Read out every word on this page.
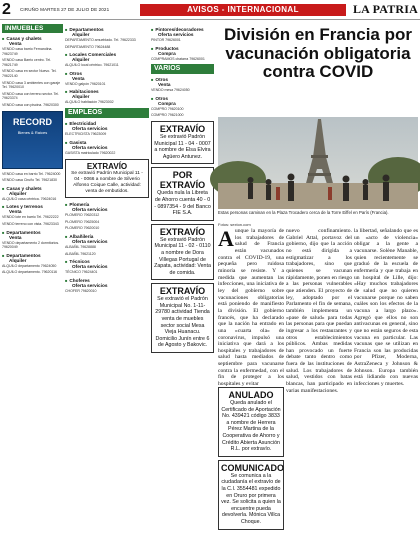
2 CIRUÑO MARTES 27 DE JULIO DE 2021	AVISOS - INTERNACIONAL	LA PATRIA
INMUEBLES
■ Casas y chalets
Venta
VENDO casa barrio Fernandina. 79623749
VENDO casa Barrio centro. Tel. 79621749
VENDO casa en sector Nuevo. Tel. 79622140
VENDO casa 3 ambientes con garaje Tel. 79620010
VENDO casa con terreno sector. Tel. 79623374
VENDO casa con piscina. 79620300
RECORD
Bienes & Raíces
VENDO casa en barrio Tel. 79624000
VENDO casa Ciruño Tel. 79621830
■ Casas y chalets
Alquiler
ALQUILO casa céntrica. 79624016
■ Lotes y terrenos
Venta
VENDO lote en barrio Tel. 79622222
VENDO terreno con vista. 79623343
■ Departamentos
Venta
VENDO departamento 2 dormitorios. 79620049
■ Departamentos
Alquiler
ALQUILO departamento 79624050
ALQUILO departamento. 79620116
■ Departamentos
Alquiler
DEPARTAMENTO amueblado. Tel. 79622333
DEPARTAMENTO 79624488
■ Locales Comerciales
Alquiler
ALQUILO local céntrico. 79621011
■ Otros
Venta
VENDO galpón 79620101
■ Habitaciones
Alquiler
ALQUILO habitación 79623002
EMPLEOS
■ Electricidad
Oferta servicios
ELECTRICISTA 79623009
■ Gasista
Oferta servicios
GASISTA matriculado 79620022
EXTRAVÍO
Se extravió Padrón Municipal 11 - 04 - 0066 a nombre de Silverio Alfonso Coique Calle, actividad: venta de embutidos.
■ Plomería
Oferta servicios
PLOMERO 79620312
PLOMERO 79625004
PLOMERO 79620010
■ Albañilería
Oferta servicios
ALBAÑIL 79628888
ALBAÑIL 79621120
■ Técnicos
Oferta servicios
TÉCNICO 79624401
■ Choferes
Oferta servicios
CHOFER 79620010
■ Pintores/decoradores
Oferta servicios
PINTOR 79626001
■ Productos
Compra
COMPRAMOS chatarra 79626001
VARIOS
■ Otros
Venta
VENDO mesa 79624050
■ Otros
Compra
COMPRO 79620100
COMPRO 79621000
EXTRAVÍO
Se extravió Padrón Municipal 11 - 04 - 0007 a nombre de Elsa Elvira Agüero Antunez.
POR EXTRAVÍO
Queda nula la Libreta de Ahorro cuenta 40 - 0 - 0897354 - 9 del Banco FIE S.A.
EXTRAVÍO
Se extravió Padrón Municipal 11 - 02 - 0110 a nombre de Dora Villegas Portugal de Zapata, actividad: Venta de comida.
EXTRAVÍO
Se extravió el Padrón Municipal No. 1-11-29780 actividad Tienda venta de muebles sector social Mesa Vieja Huanacu. Domicilio Junín entre 6 de Agosto y Bakovic.
División en Francia por vacunación obligatoria contra COVID
Estas personas caminan en la Plaza Trocadero cerca de la Torre Eiffel en París (Francia).
Fotos: sexton.com
Aunque la mayoría de los trabajadores de salud de Francia están vacunados contra el COVID-19, una pequeña pero ruidosa minoría se resiste. Y a medida que aumentan las infecciones, una iniciativa de ley del gobierno sobre vacunaciones obligatorias está poniendo de manifiesto la división. El gobierno francés, que ha declarado que la nación ha entrado en una «cuarta ola» de coronavirus, impulsó una iniciativa que dará a los hospitales y trabajadores de salud hasta mediados de septiembre para vacunarse contra la enfermedad, con el fin de proteger a los hospitales y evitar
nuevo confinamiento. Gabriel Attal, portavoz del gobierno, dijo que la acción no está dirigida a estigmatizar a los trabajadores, sino que quienes se vacunan rápidamente, ponen en riesgo a las personas vulnerables que atienden. El proyecto de ley, adoptado por el Parlamento el fin de semana, también implementa un «pase de salud» para todas las personas para que puedan ingresar a los restaurantes y otros establecimientos públicos. Ambas medidas han provocado un fuerte debate tanto dentro como fuera de las instituciones de salud. Los trabajadores de salud, vestidos con batas blancas, han participado en varias manifestaciones.
la libertad, señalando que es un «acto de violencia» obligar a la gente a vacunarse. Solène Manable, quien recientemente se graduó de la escuela de enfermería y que trabaja en un hospital de Lille, dijo: «Hay muchos trabajadores de salud que no quieren vacunarse porque no saben cuáles son los efectos de la vacuna a largo plazo». Agregó que ellos no son antivacunas en general, sino que no están seguros de esta vacuna en particular. Las vacunas que se utilizan en Francia son las producidas por Pfizer, Moderna, AstraZeneca y Johnson & Johnson. Europa también está lidiando con nuevas infecciones y muertes.
ANULADO
Queda anulado el Certificado de Aportación No. 439421 código 3833 a nombre de Herrera Pérez Martina de la Cooperativa de Ahorro y Crédito Abierta Asunción R.L. por extravío.
COMUNICADO
Se comunica a la ciudadanía el extravío de la C.I. 3554481 expedido en Oruro por primera vez. Se solicita a quien la encuentre pueda devolverla. Mónica Villca Choque.
